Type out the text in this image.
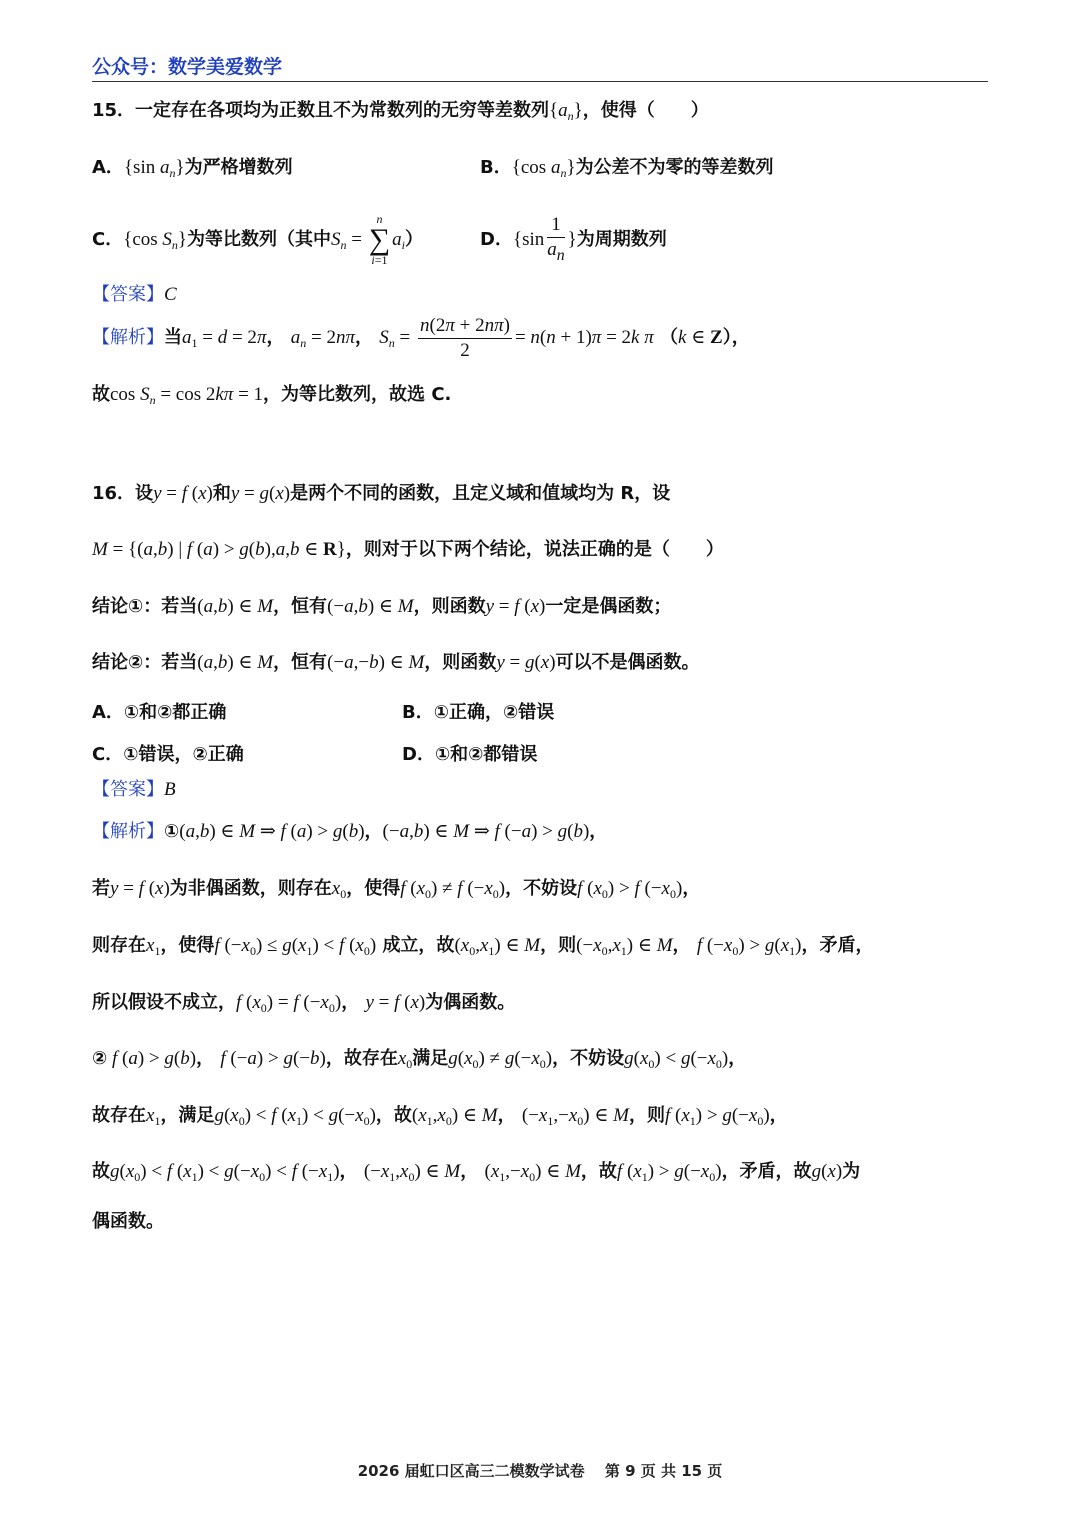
公众号：数学美爱数学
15．一定存在各项均为正数且不为常数列的无穷等差数列$\{a_n\}$，使得（　　）
A．{sin $a_n$}为严格增数列	B．{cos $a_n$}为公差不为零的等差数列
C．{cos $S_n$}为等比数列（其中$S_n$ =
n
∑
i=1
$a_i$）	D．{$\sin \frac{1}{a_n}$ }为周期数列
【答案】C
【解析】当$a_1 = d = 2\pi$， $a_n = 2n\pi$， $S_n = \frac{n(2\pi + 2n\pi)}{2} = n(n + 1)\pi = 2k$ π （k ∈ Z），
故$\cos S_n = \cos 2k\pi = 1$，为等比数列，故选 C.
16．设y = f (x)和y = g(x)是两个不同的函数，且定义域和值域均为 R，设
M = {(a,b) | f (a) > g(b),a,b ∈ R}，则对于以下两个结论，说法正确的是（　　）
结论①：若当(a,b) ∈ M，恒有(−a,b) ∈ M，则函数y = f (x)一定是偶函数；
结论②：若当(a,b) ∈ M，恒有(−a,−b) ∈ M，则函数y = g(x)可以不是偶函数。
A．①和②都正确	B．①正确，②错误
C．①错误，②正确	D．①和②都错误
【答案】B
【解析】①(a,b) ∈ M ⇒ f (a) > g(b)，(−a,b) ∈ M ⇒ f (−a) > g(b)，
若y = f (x)为非偶函数，则存在$x_0$，使得f $(x_0) \ne f$ $(-x_0)$，不妨设f $(x_0) > f$ $(-x_0)$，
则存在$x_1$，使得f $(-x_0) \le g(x_1) < f$ $(x_0)$ 成立，故$(x_0,x_1)$ ∈ M，则$(-x_0,x_1)$ ∈ M， f $(-x_0) > g(x_1)$，矛盾，
所以假设不成立，f $(x_0) = f$ $(-x_0)$， y = f (x)为偶函数。
② f (a) > g(b)， f (−a) > g(−b)，故存在$x_0$满足$g(x_0) \ne g(-x_0)$，不妨设$g(x_0) < g(-x_0)$，
故存在$x_1$，满足$g(x_0) < f$ $(x_1) < g(-x_0)$，故$(x_1,x_0)$ ∈ M， $(-x_1,-x_0)$ ∈ M，则f $(x_1) > g(-x_0)$，
故$g(x_0) < f$ $(x_1) < g(-x_0) < f$ $(-x_1)$， $(-x_1,x_0)$ ∈ M， $(x_1,-x_0)$ ∈ M，故f $(x_1) > g(-x_0)$，矛盾，故g(x)为
偶函数。
2026 届虹口区高三二模数学试卷　 第 9 页 共 15 页
